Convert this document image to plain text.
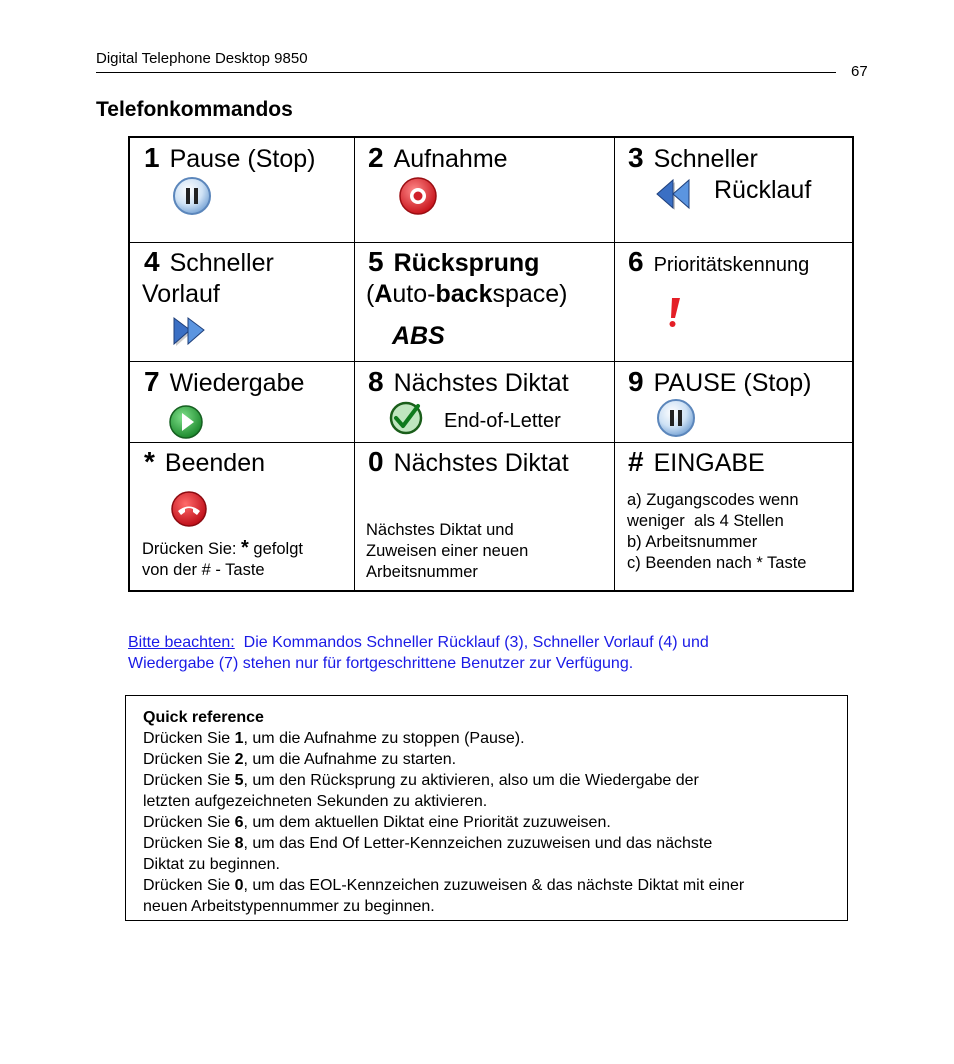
Digital Telephone Desktop 9850
67
Telefonkommandos
1 Pause (Stop) 2 Aufnahme	3 Schneller
Rücklauf
4 Schneller
Vorlauf
5 Rücksprung
(Auto-backspace)
ABS
6 Prioritätskennung
7 Wiedergabe 8 Nächstes Diktat
End-of-Letter
9 PAUSE (Stop)
* Beenden
Drücken Sie: * gefolgt
von der # - Taste
0 Nächstes Diktat
Nächstes Diktat und
Zuweisen einer neuen
Arbeitsnummer
# EINGABE
a) Zugangscodes wenn
weniger  als 4 Stellen
b) Arbeitsnummer
c) Beenden nach * Taste
Bitte beachten:  Die Kommandos Schneller Rücklauf (3), Schneller Vorlauf (4) und
Wiedergabe (7) stehen nur für fortgeschrittene Benutzer zur Verfügung.
Quick reference
Drücken Sie 1, um die Aufnahme zu stoppen (Pause).
Drücken Sie 2, um die Aufnahme zu starten.
Drücken Sie 5, um den Rücksprung zu aktivieren, also um die Wiedergabe der
letzten aufgezeichneten Sekunden zu aktivieren.
Drücken Sie 6, um dem aktuellen Diktat eine Priorität zuzuweisen.
Drücken Sie 8, um das End Of Letter-Kennzeichen zuzuweisen und das nächste
Diktat zu beginnen.
Drücken Sie 0, um das EOL-Kennzeichen zuzuweisen & das nächste Diktat mit einer
neuen Arbeitstypennummer zu beginnen.
